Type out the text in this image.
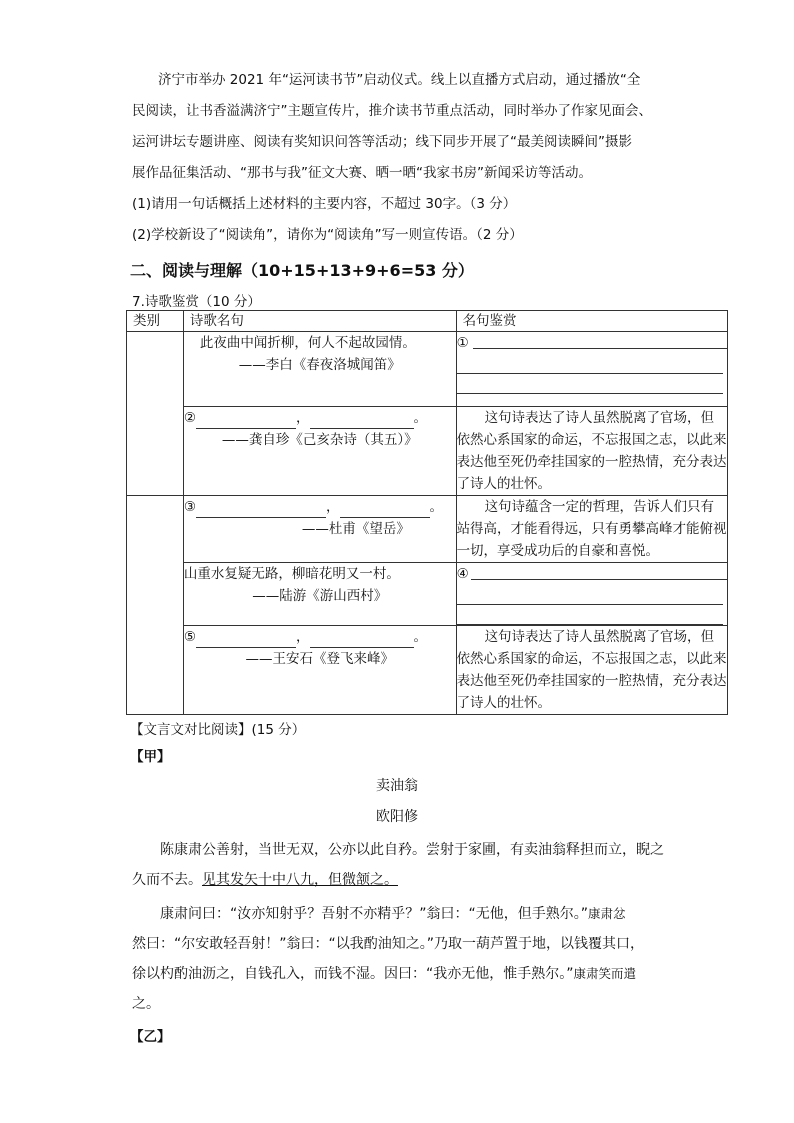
济宁市举办 2021 年“运河读书节”启动仪式。线上以直播方式启动，通过播放“全
民阅读，让书香溢满济宁”主题宣传片，推介读书节重点活动，同时举办了作家见面会、
运河讲坛专题讲座、阅读有奖知识问答等活动；线下同步开展了“最美阅读瞬间”摄影
展作品征集活动、“那书与我”征文大赛、晒一晒“我家书房”新闻采访等活动。
(1)请用一句话概括上述材料的主要内容，不超过 30字。（3 分）
(2)学校新设了“阅读角”，请你为“阅读角”写一则宣传语。（2 分）
二、阅读与理解（10+15+13+9+6=53 分）
7.诗歌鉴赏（10 分）
类别	诗歌名句	名句鉴赏
	此夜曲中闻折柳，何人不起故园情。
——李白《春夜洛城闻笛》	①

	② ， 。
——龚自珍《己亥杂诗（其五）》	这句诗表达了诗人虽然脱离了官场，但依然心系国家的命运，不忘报国之志，以此来表达他至死仍牵挂国家的一腔热情，充分表达了诗人的壮怀。

	③ ， 。
——杜甫《望岳》	这句诗蕴含一定的哲理，告诉人们只有站得高，才能看得远，只有勇攀高峰才能俯视一切，享受成功后的自豪和喜悦。

	山重水复疑无路，柳暗花明又一村。
——陆游《游山西村》	④

	⑤ ， 。
——王安石《登飞来峰》	这句诗表达了诗人虽然脱离了官场，但依然心系国家的命运，不忘报国之志，以此来表达他至死仍牵挂国家的一腔热情，充分表达了诗人的壮怀。
【文言文对比阅读】(15 分）
【甲】
卖油翁
欧阳修
陈康肃公善射，当世无双，公亦以此自矜。尝射于家圃，有卖油翁释担而立，睨之
久而不去。见其发矢十中八九，但微颔之。
康肃问曰：“汝亦知射乎？吾射不亦精乎？”翁曰：“无他，但手熟尔。”康肃忿
然曰：“尔安敢轻吾射！”翁曰：“以我酌油知之。”乃取一葫芦置于地，以钱覆其口，
徐以杓酌油沥之，自钱孔入，而钱不湿。因曰：“我亦无他，惟手熟尔。”康肃笑而遣
之。
【乙】
